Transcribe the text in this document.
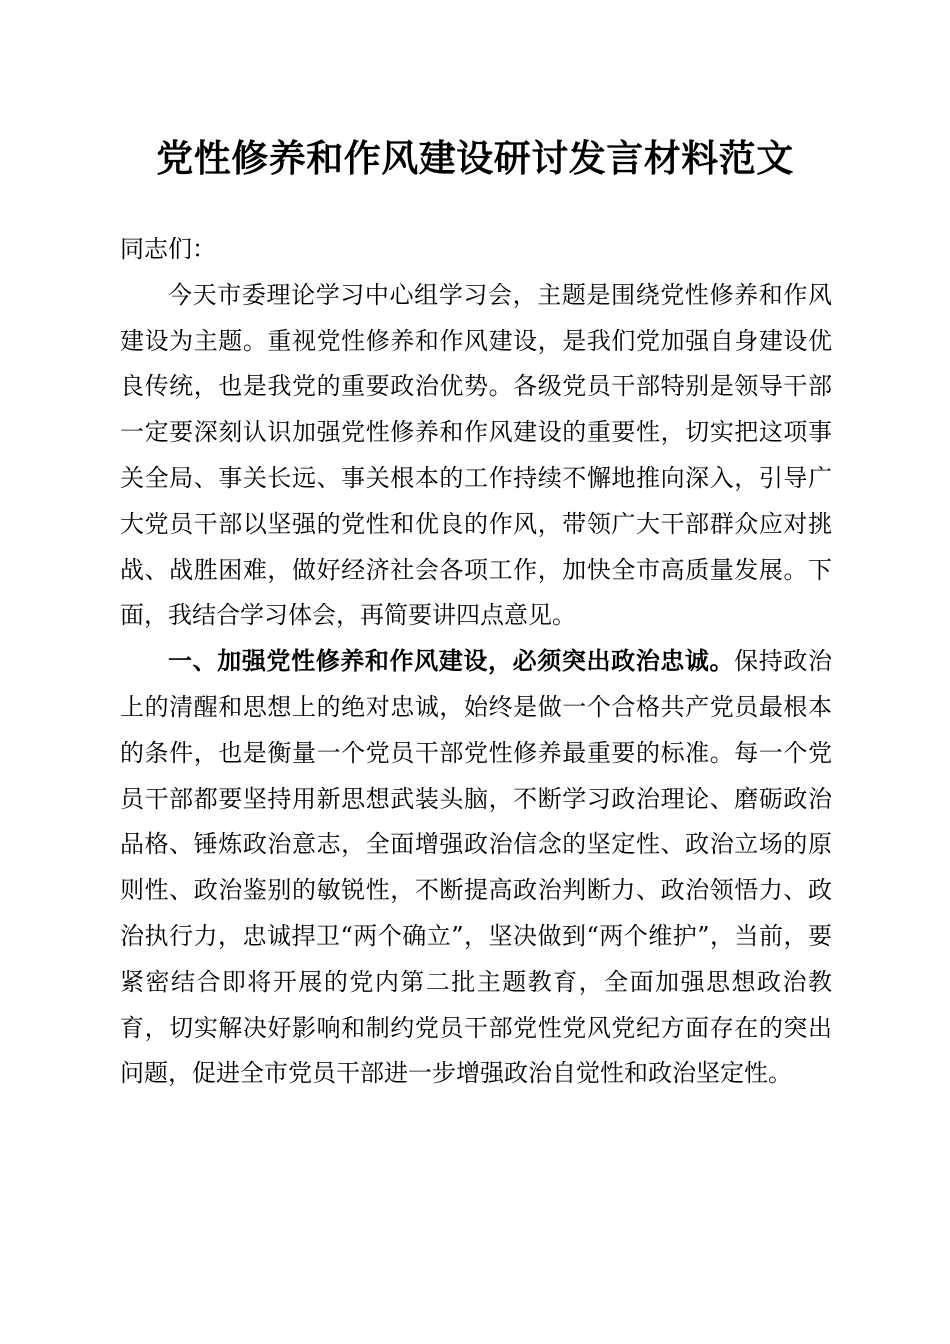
党性修养和作风建设研讨发言材料范文

同志们：

今天市委理论学习中心组学习会，主题是围绕党性修养和作风建设为主题。重视党性修养和作风建设，是我们党加强自身建设优良传统，也是我党的重要政治优势。各级党员干部特别是领导干部一定要深刻认识加强党性修养和作风建设的重要性，切实把这项事关全局、事关长远、事关根本的工作持续不懈地推向深入，引导广大党员干部以坚强的党性和优良的作风，带领广大干部群众应对挑战、战胜困难，做好经济社会各项工作，加快全市高质量发展。下面，我结合学习体会，再简要讲四点意见。

一、加强党性修养和作风建设，必须突出政治忠诚。保持政治上的清醒和思想上的绝对忠诚，始终是做一个合格共产党员最根本的条件，也是衡量一个党员干部党性修养最重要的标准。每一个党员干部都要坚持用新思想武装头脑，不断学习政治理论、磨砺政治品格、锤炼政治意志，全面增强政治信念的坚定性、政治立场的原则性、政治鉴别的敏锐性，不断提高政治判断力、政治领悟力、政治执行力，忠诚捍卫“两个确立”，坚决做到“两个维护”，当前，要紧密结合即将开展的党内第二批主题教育，全面加强思想政治教育，切实解决好影响和制约党员干部党性党风党纪方面存在的突出问题，促进全市党员干部进一步增强政治自觉性和政治坚定性。
